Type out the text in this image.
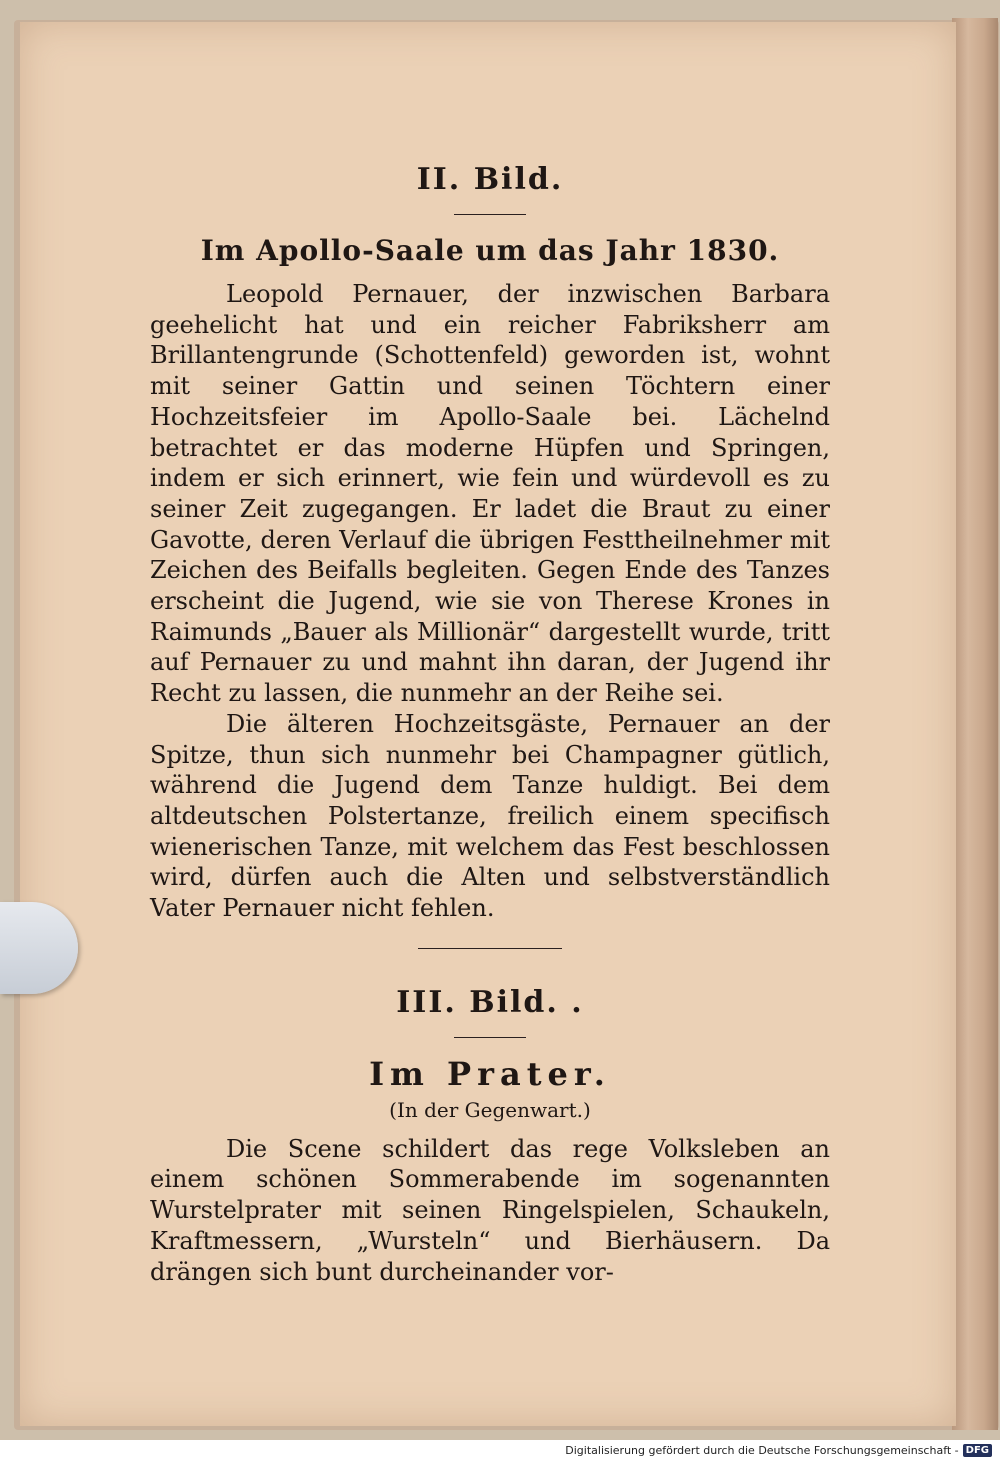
II. Bild.
Im Apollo-Saale um das Jahr 1830.

Leopold Pernauer, der inzwischen Barbara geehelicht hat und ein reicher Fabriksherr am Brillantengrunde (Schottenfeld) geworden ist, wohnt mit seiner Gattin und seinen Töchtern einer Hochzeitsfeier im Apollo-Saale bei. Lächelnd betrachtet er das moderne Hüpfen und Springen, indem er sich erinnert, wie fein und würdevoll es zu seiner Zeit zugegangen. Er ladet die Braut zu einer Gavotte, deren Verlauf die übrigen Festtheilnehmer mit Zeichen des Beifalls begleiten. Gegen Ende des Tanzes erscheint die Jugend, wie sie von Therese Krones in Raimunds „Bauer als Millionär“ dargestellt wurde, tritt auf Pernauer zu und mahnt ihn daran, der Jugend ihr Recht zu lassen, die nunmehr an der Reihe sei.

Die älteren Hochzeitsgäste, Pernauer an der Spitze, thun sich nunmehr bei Champagner gütlich, während die Jugend dem Tanze huldigt. Bei dem altdeutschen Polstertanze, freilich einem specifisch wienerischen Tanze, mit welchem das Fest beschlossen wird, dürfen auch die Alten und selbstverständlich Vater Pernauer nicht fehlen.

III. Bild. .
Im Prater.
(In der Gegenwart.)

Die Scene schildert das rege Volksleben an einem schönen Sommerabende im sogenannten Wurstelprater mit seinen Ringelspielen, Schaukeln, Kraftmessern, „Wursteln“ und Bierhäusern. Da drängen sich bunt durcheinander vor-

Digitalisierung gefördert durch die Deutsche Forschungsgemeinschaft - DFG
